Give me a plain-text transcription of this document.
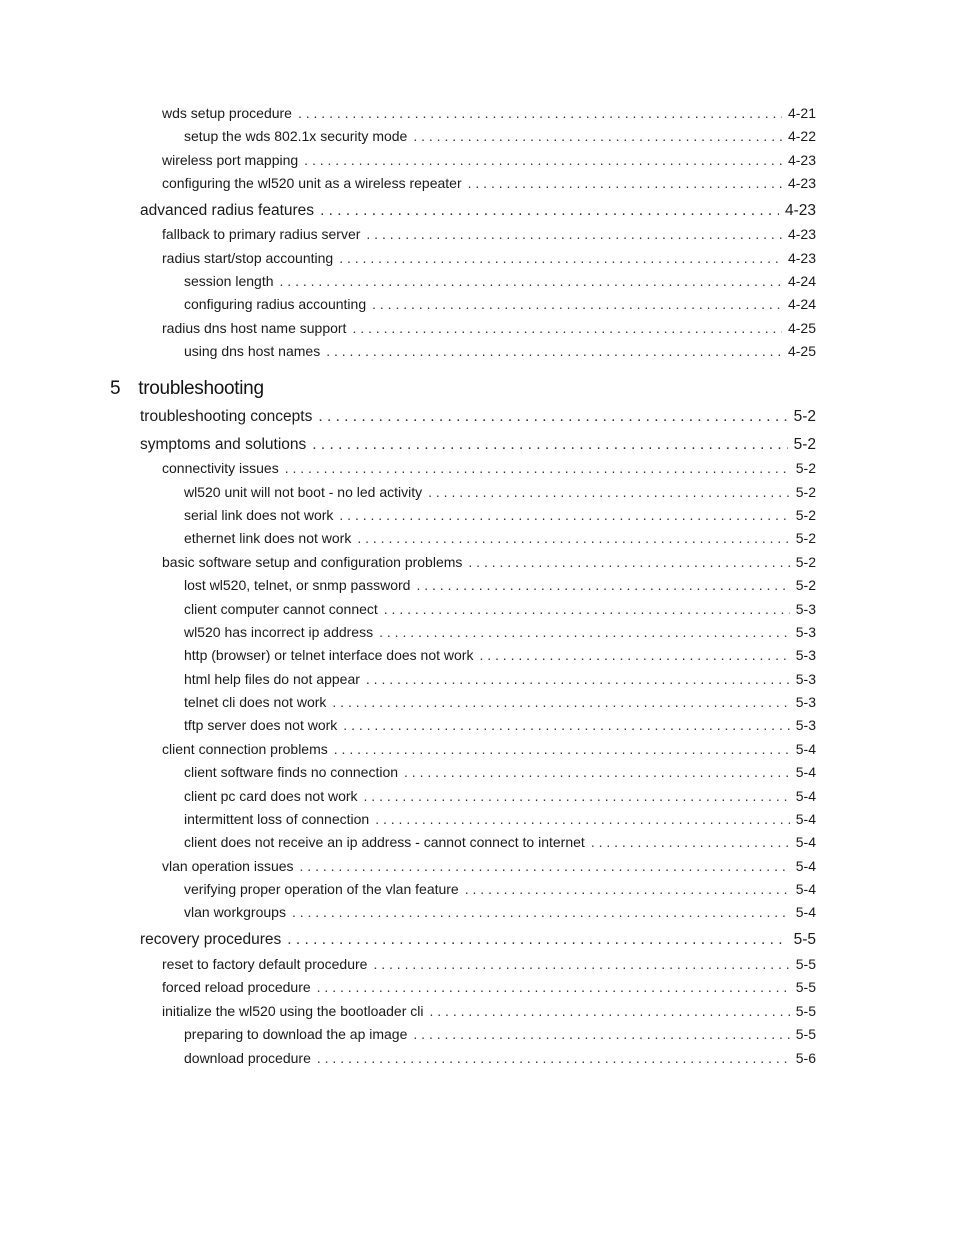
wds setup procedure . . .	4-21
setup the wds 802.1x security mode . . .	4-22
wireless port mapping . . .	4-23
configuring the wl520 unit as a wireless repeater . . .	4-23
advanced radius features . . .	4-23
fallback to primary radius server . . .	4-23
radius start/stop accounting . . .	4-23
session length . . .	4-24
configuring radius accounting . . .	4-24
radius dns host name support . . .	4-25
using dns host names . . .	4-25
5 troubleshooting
troubleshooting concepts . . .	5-2
symptoms and solutions . . .	5-2
connectivity issues . . .	5-2
wl520 unit will not boot - no led activity . . .	5-2
serial link does not work . . .	5-2
ethernet link does not work . . .	5-2
basic software setup and configuration problems . . .	5-2
lost wl520, telnet, or snmp password . . .	5-2
client computer cannot connect . . .	5-3
wl520 has incorrect ip address . . .	5-3
http (browser) or telnet interface does not work . . .	5-3
html help files do not appear . . .	5-3
telnet cli does not work . . .	5-3
tftp server does not work . . .	5-3
client connection problems . . .	5-4
client software finds no connection . . .	5-4
client pc card does not work . . .	5-4
intermittent loss of connection . . .	5-4
client does not receive an ip address - cannot connect to internet . . .	5-4
vlan operation issues . . .	5-4
verifying proper operation of the vlan feature . . .	5-4
vlan workgroups . . .	5-4
recovery procedures . . .	5-5
reset to factory default procedure . . .	5-5
forced reload procedure . . .	5-5
initialize the wl520 using the bootloader cli . . .	5-5
preparing to download the ap image . . .	5-5
download procedure . . .	5-6
